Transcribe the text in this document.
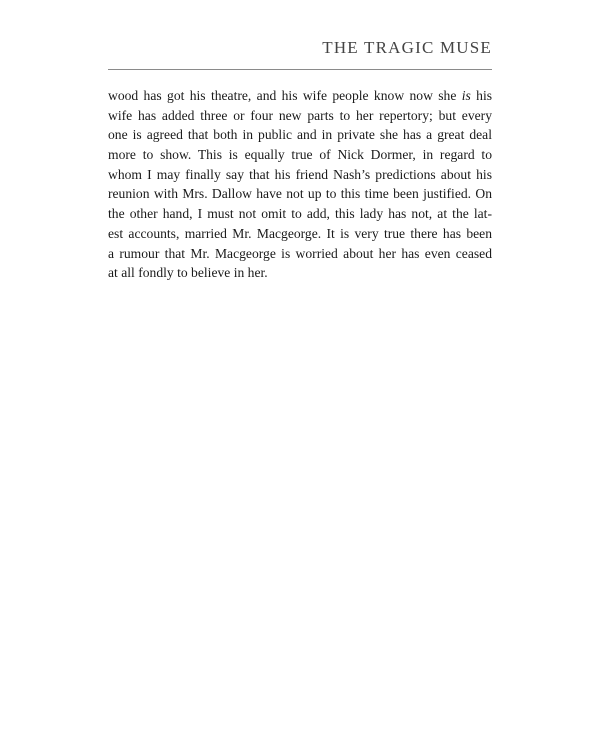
THE TRAGIC MUSE
wood has got his theatre, and his wife people know now she is his
wife has added three or four new parts to her repertory; but every
one is agreed that both in public and in private she has a great deal
more to show. This is equally true of Nick Dormer, in regard to
whom I may finally say that his friend Nash’s predictions about his
reunion with Mrs. Dallow have not up to this time been justified. On
the other hand, I must not omit to add, this lady has not, at the lat-
est accounts, married Mr. Macgeorge. It is very true there has been
a rumour that Mr. Macgeorge is worried about her has even ceased
at all fondly to believe in her.
